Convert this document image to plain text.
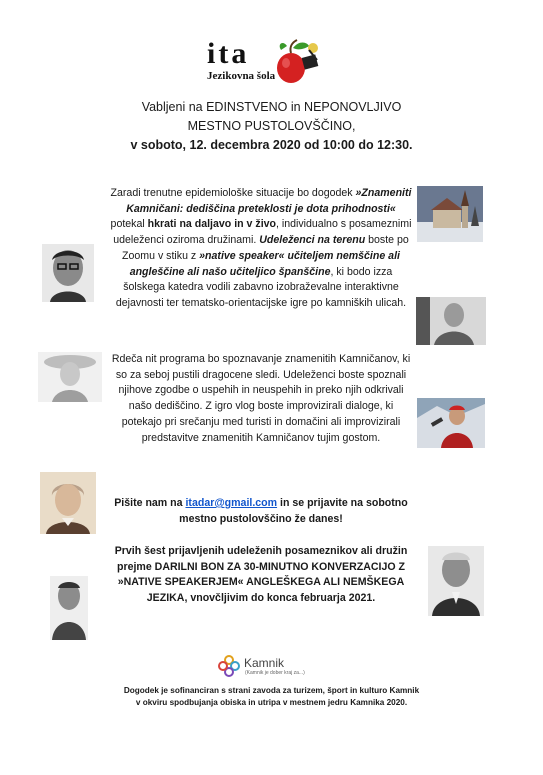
ita
Jezikovna šola
Vabljeni na EDINSTVENO in NEPONOVLJIVO
MESTNO PUSTOLOVŠČINO,
v soboto, 12. decembra 2020 od 10:00 do 12:30.
Zaradi trenutne epidemiološke situacije bo dogodek »Znameniti Kamničani: dediščina preteklosti je dota prihodnosti« potekal hkrati na daljavo in v živo, individualno s posameznimi udeleženci oziroma družinami. Udeleženci na terenu boste po Zoomu v stiku z »native speaker« učiteljem nemščine ali angleščine ali našo učiteljico španščine, ki bodo izza šolskega katedra vodili zabavno izobraževalne interaktivne dejavnosti ter tematsko-orientacijske igre po kamniških ulicah.
Rdeča nit programa bo spoznavanje znamenitih Kamničanov, ki so za seboj pustili dragocene sledi. Udeleženci boste spoznali njihove zgodbe o uspehih in neuspehih in preko njih odkrivali našo dediščino. Z igro vlog boste improvizirali dialoge, ki potekajo pri srečanju med turisti in domačini ali improvizirali predstavitve znamenitih Kamničanov tujim gostom.
Pišite nam na itadar@gmail.com in se prijavite na sobotno mestno pustolovščino že danes!
Prvih šest prijavljenih udeleženih posameznikov ali družin prejme DARILNI BON ZA 30-MINUTNO KONVERZACIJO Z »NATIVE SPEAKERJEM« ANGLEŠKEGA ALI NEMŠKEGA JEZIKA, vnovčljivim do konca februarja 2021.
Kamnik
(Kamnik je dober kraj za...)
Dogodek je sofinanciran s strani zavoda za turizem, šport in kulturo Kamnik
v okviru spodbujanja obiska in utripa v mestnem jedru Kamnika 2020.
